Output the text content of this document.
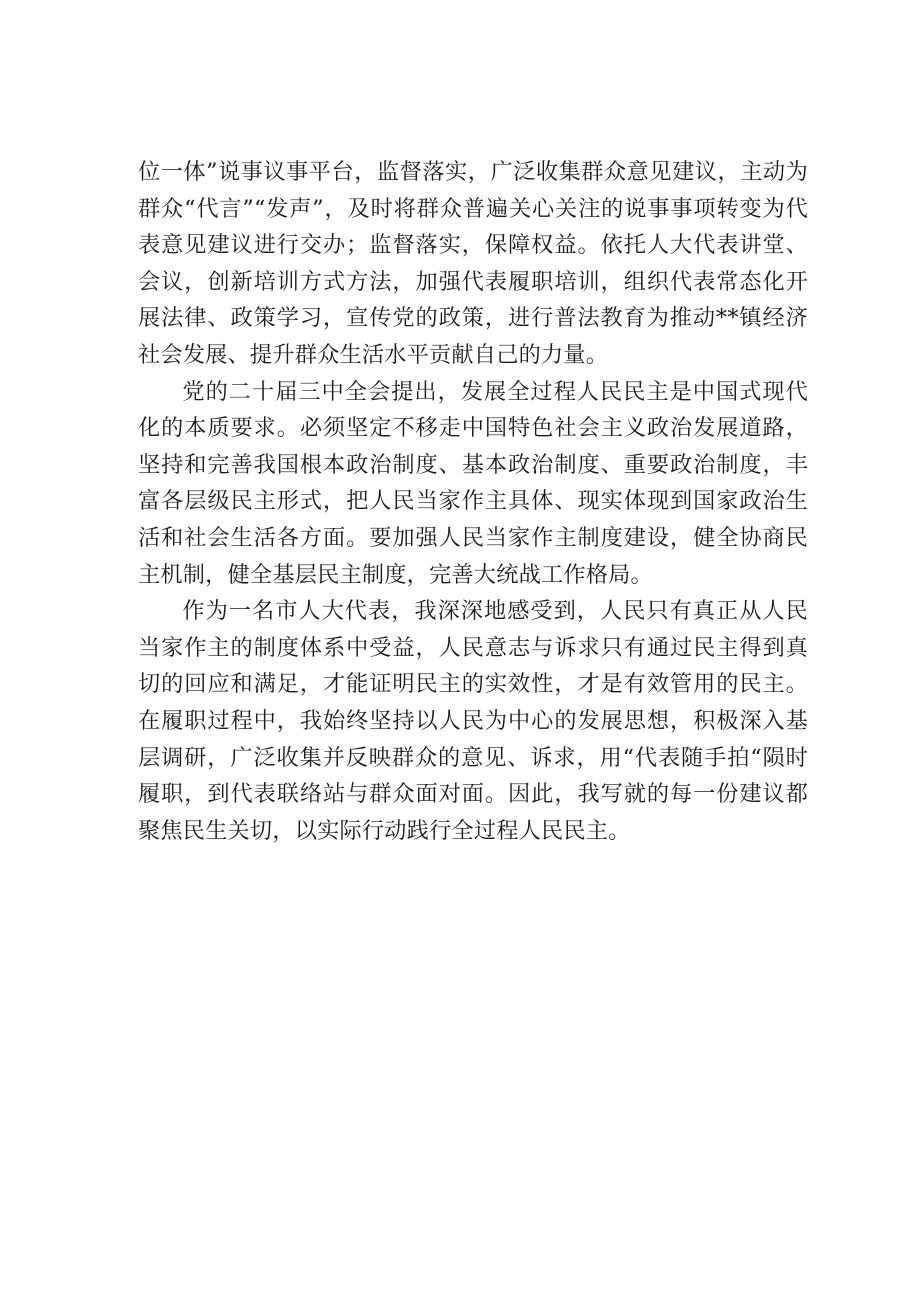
位一体”说事议事平台，监督落实，广泛收集群众意见建议，主动为群众“代言”“发声”，及时将群众普遍关心关注的说事事项转变为代表意见建议进行交办；监督落实，保障权益。依托人大代表讲堂、会议，创新培训方式方法，加强代表履职培训，组织代表常态化开展法律、政策学习，宣传党的政策，进行普法教育为推动**镇经济社会发展、提升群众生活水平贡献自己的力量。

党的二十届三中全会提出，发展全过程人民民主是中国式现代化的本质要求。必须坚定不移走中国特色社会主义政治发展道路，坚持和完善我国根本政治制度、基本政治制度、重要政治制度，丰富各层级民主形式，把人民当家作主具体、现实体现到国家政治生活和社会生活各方面。要加强人民当家作主制度建设，健全协商民主机制，健全基层民主制度，完善大统战工作格局。

作为一名市人大代表，我深深地感受到，人民只有真正从人民当家作主的制度体系中受益，人民意志与诉求只有通过民主得到真切的回应和满足，才能证明民主的实效性，才是有效管用的民主。在履职过程中，我始终坚持以人民为中心的发展思想，积极深入基层调研，广泛收集并反映群众的意见、诉求，用“代表随手拍“陨时履职，到代表联络站与群众面对面。因此，我写就的每一份建议都聚焦民生关切，以实际行动践行全过程人民民主。
